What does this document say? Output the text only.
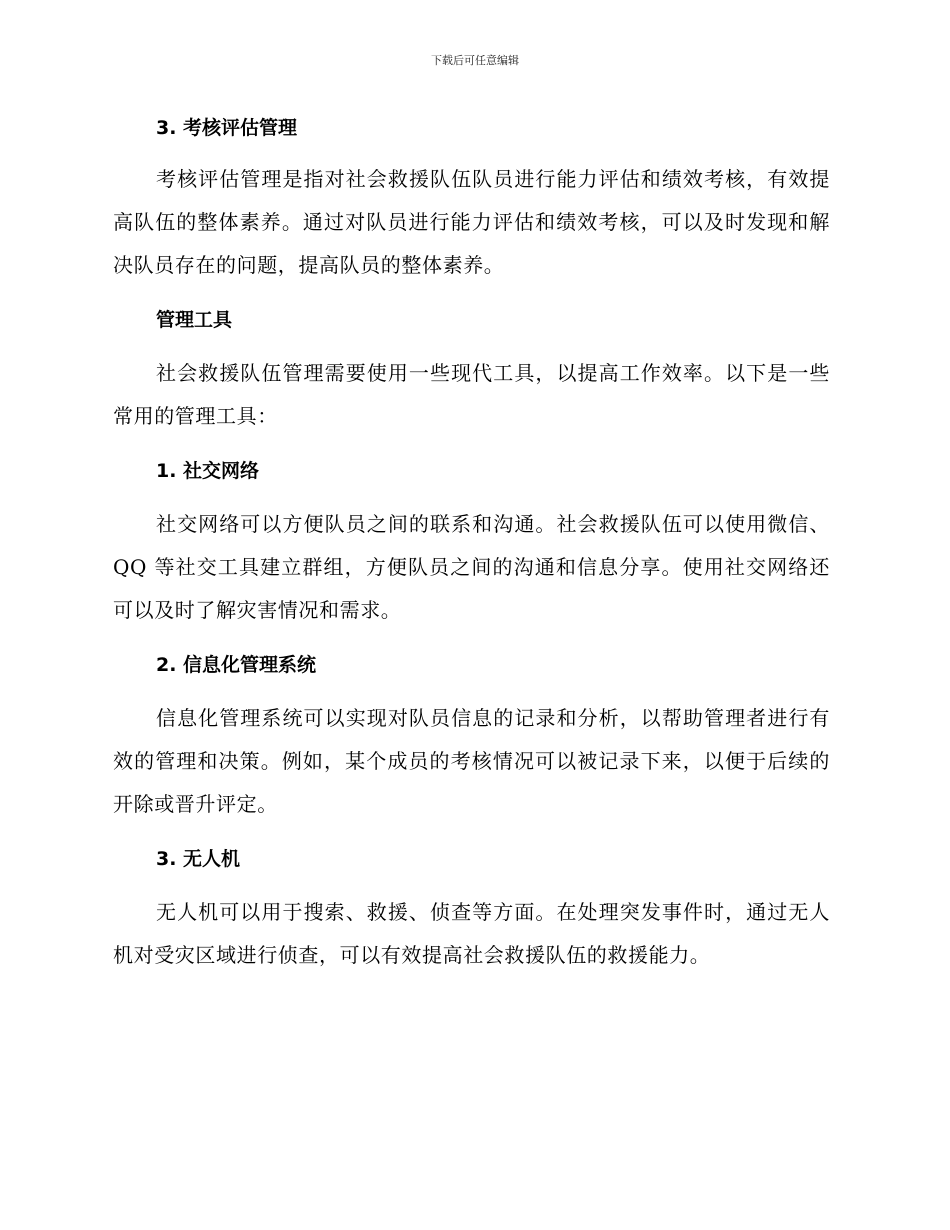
下载后可任意编辑
3. 考核评估管理

考核评估管理是指对社会救援队伍队员进行能力评估和绩效考核，有效提高队伍的整体素养。通过对队员进行能力评估和绩效考核，可以及时发现和解决队员存在的问题，提高队员的整体素养。

管理工具

社会救援队伍管理需要使用一些现代工具，以提高工作效率。以下是一些常用的管理工具：

1. 社交网络

社交网络可以方便队员之间的联系和沟通。社会救援队伍可以使用微信、QQ 等社交工具建立群组，方便队员之间的沟通和信息分享。使用社交网络还可以及时了解灾害情况和需求。

2. 信息化管理系统

信息化管理系统可以实现对队员信息的记录和分析，以帮助管理者进行有效的管理和决策。例如，某个成员的考核情况可以被记录下来，以便于后续的开除或晋升评定。

3. 无人机

无人机可以用于搜索、救援、侦查等方面。在处理突发事件时，通过无人机对受灾区域进行侦查，可以有效提高社会救援队伍的救援能力。
